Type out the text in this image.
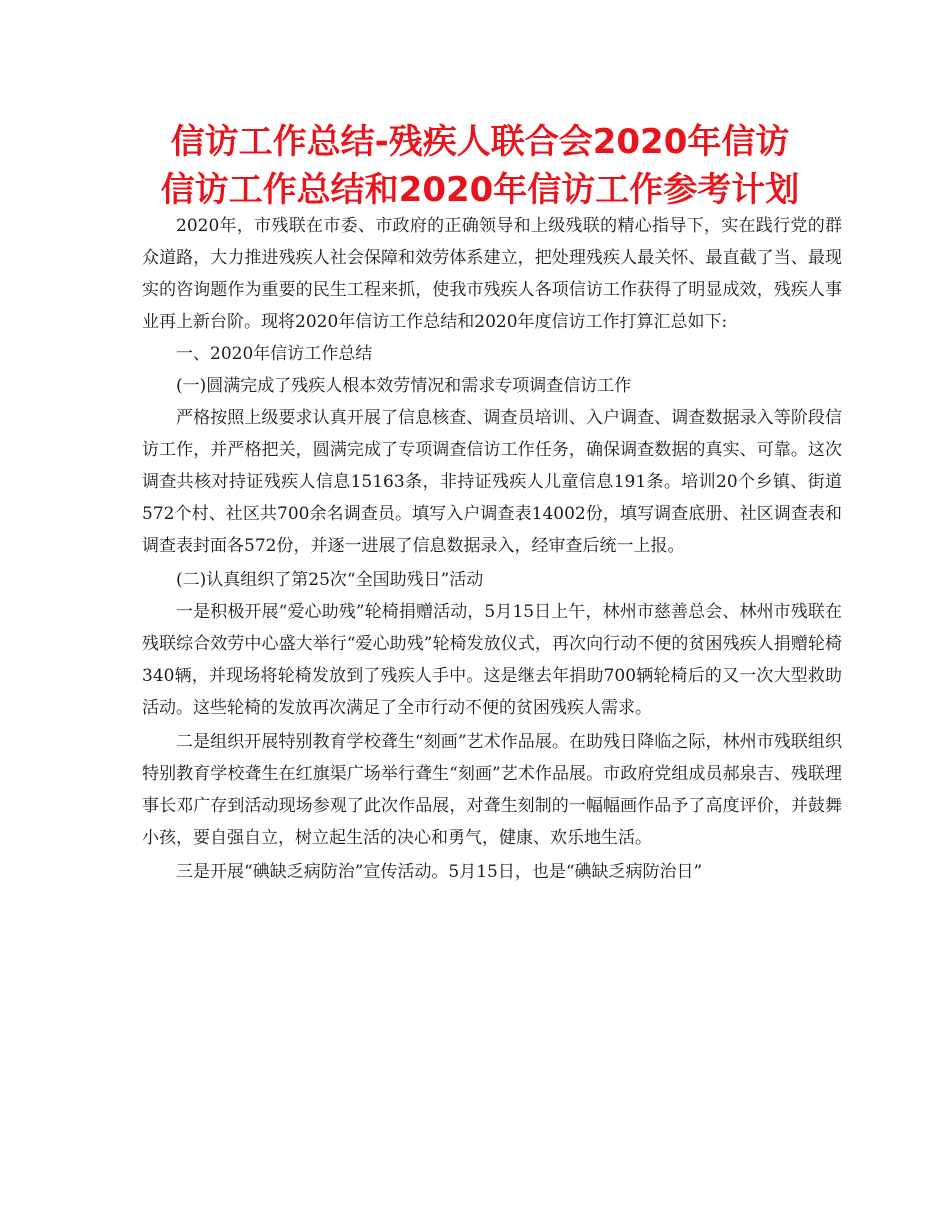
信访工作总结-残疾人联合会2020年信访
信访工作总结和2020年信访工作参考计划

2020年，市残联在市委、市政府的正确领导和上级残联的精心指导下，实在践行党的群众道路，大力推进残疾人社会保障和效劳体系建立，把处理残疾人最关怀、最直截了当、最现实的咨询题作为重要的民生工程来抓，使我市残疾人各项信访工作获得了明显成效，残疾人事业再上新台阶。现将2020年信访工作总结和2020年度信访工作打算汇总如下:

一、2020年信访工作总结

(一)圆满完成了残疾人根本效劳情况和需求专项调查信访工作

严格按照上级要求认真开展了信息核查、调查员培训、入户调查、调查数据录入等阶段信访工作，并严格把关，圆满完成了专项调查信访工作任务，确保调查数据的真实、可靠。这次调查共核对持证残疾人信息15163条，非持证残疾人儿童信息191条。培训20个乡镇、街道572个村、社区共700余名调查员。填写入户调查表14002份，填写调查底册、社区调查表和调查表封面各572份，并逐一进展了信息数据录入，经审查后统一上报。

(二)认真组织了第25次“全国助残日”活动

一是积极开展“爱心助残”轮椅捐赠活动，5月15日上午，林州市慈善总会、林州市残联在残联综合效劳中心盛大举行“爱心助残”轮椅发放仪式，再次向行动不便的贫困残疾人捐赠轮椅340辆，并现场将轮椅发放到了残疾人手中。这是继去年捐助700辆轮椅后的又一次大型救助活动。这些轮椅的发放再次满足了全市行动不便的贫困残疾人需求。

二是组织开展特别教育学校聋生“刻画”艺术作品展。在助残日降临之际，林州市残联组织特别教育学校聋生在红旗渠广场举行聋生“刻画”艺术作品展。市政府党组成员郝泉吉、残联理事长邓广存到活动现场参观了此次作品展，对聋生刻制的一幅幅画作品予了高度评价，并鼓舞小孩，要自强自立，树立起生活的决心和勇气，健康、欢乐地生活。

三是开展“碘缺乏病防治”宣传活动。5月15日，也是“碘缺乏病防治日”
